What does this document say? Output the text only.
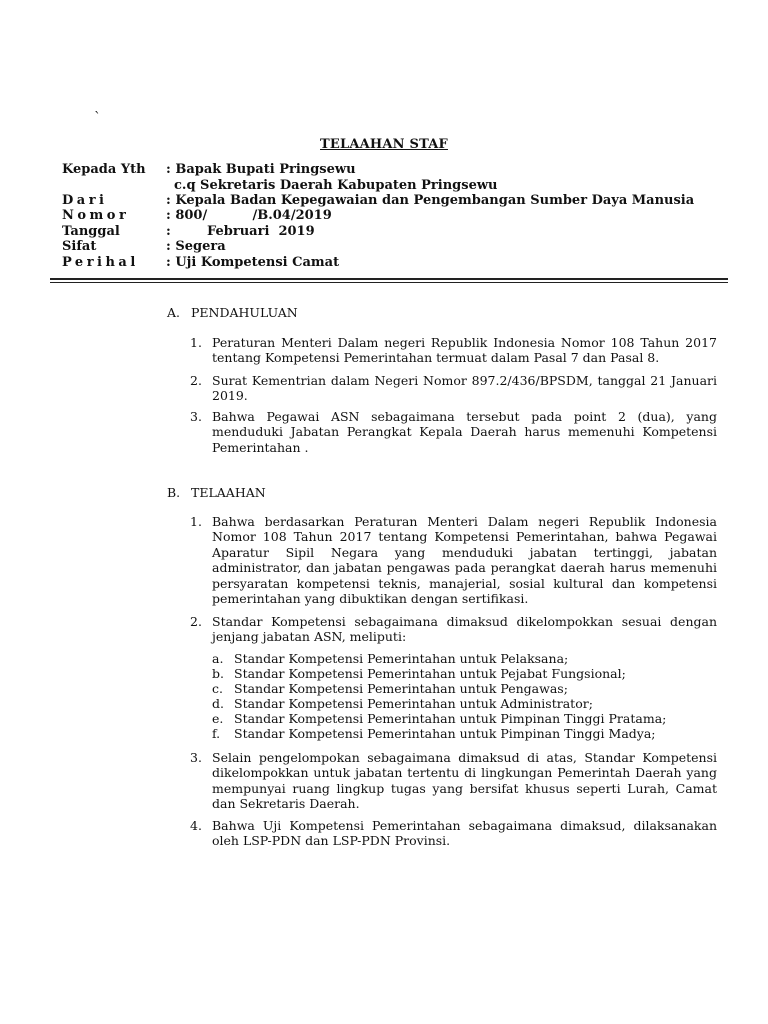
`
TELAAHAN STAF
Kepada Yth : Bapak Bupati Pringsewu
c.q Sekretaris Daerah Kabupaten Pringsewu
Dari	: Kepala Badan Kepegawaian dan Pengembangan Sumber Daya Manusia
Nomor	: 800/          /B.04/2019
Tanggal	:        Februari  2019
Sifat	: Segera
Perihal : Uji Kompetensi Camat
A. PENDAHULUAN
1. Peraturan Menteri Dalam negeri Republik Indonesia Nomor 108 Tahun 2017 tentang Kompetensi Pemerintahan termuat dalam Pasal 7 dan Pasal 8.
2. Surat Kementrian dalam Negeri Nomor 897.2/436/BPSDM, tanggal 21 Januari 2019.
3. Bahwa Pegawai ASN sebagaimana tersebut pada point 2 (dua), yang menduduki Jabatan Perangkat Kepala Daerah harus memenuhi Kompetensi Pemerintahan .
B. TELAAHAN
1. Bahwa berdasarkan Peraturan Menteri Dalam negeri Republik Indonesia Nomor 108 Tahun 2017 tentang Kompetensi Pemerintahan, bahwa Pegawai Aparatur Sipil Negara yang menduduki jabatan tertinggi, jabatan administrator, dan jabatan pengawas pada perangkat daerah harus memenuhi persyaratan kompetensi teknis, manajerial, sosial kultural dan kompetensi pemerintahan yang dibuktikan dengan sertifikasi.
2. Standar Kompetensi sebagaimana dimaksud dikelompokkan sesuai dengan jenjang jabatan ASN, meliputi:
a. Standar Kompetensi Pemerintahan untuk Pelaksana;
b. Standar Kompetensi Pemerintahan untuk Pejabat Fungsional;
c. Standar Kompetensi Pemerintahan untuk Pengawas;
d. Standar Kompetensi Pemerintahan untuk Administrator;
e. Standar Kompetensi Pemerintahan untuk Pimpinan Tinggi Pratama;
f. Standar Kompetensi Pemerintahan untuk Pimpinan Tinggi Madya;
3. Selain pengelompokan sebagaimana dimaksud di atas, Standar Kompetensi dikelompokkan untuk jabatan tertentu di lingkungan Pemerintah Daerah yang mempunyai ruang lingkup tugas yang bersifat khusus seperti Lurah, Camat dan Sekretaris Daerah.
4. Bahwa Uji Kompetensi Pemerintahan sebagaimana dimaksud, dilaksanakan oleh LSP-PDN dan LSP-PDN Provinsi.
